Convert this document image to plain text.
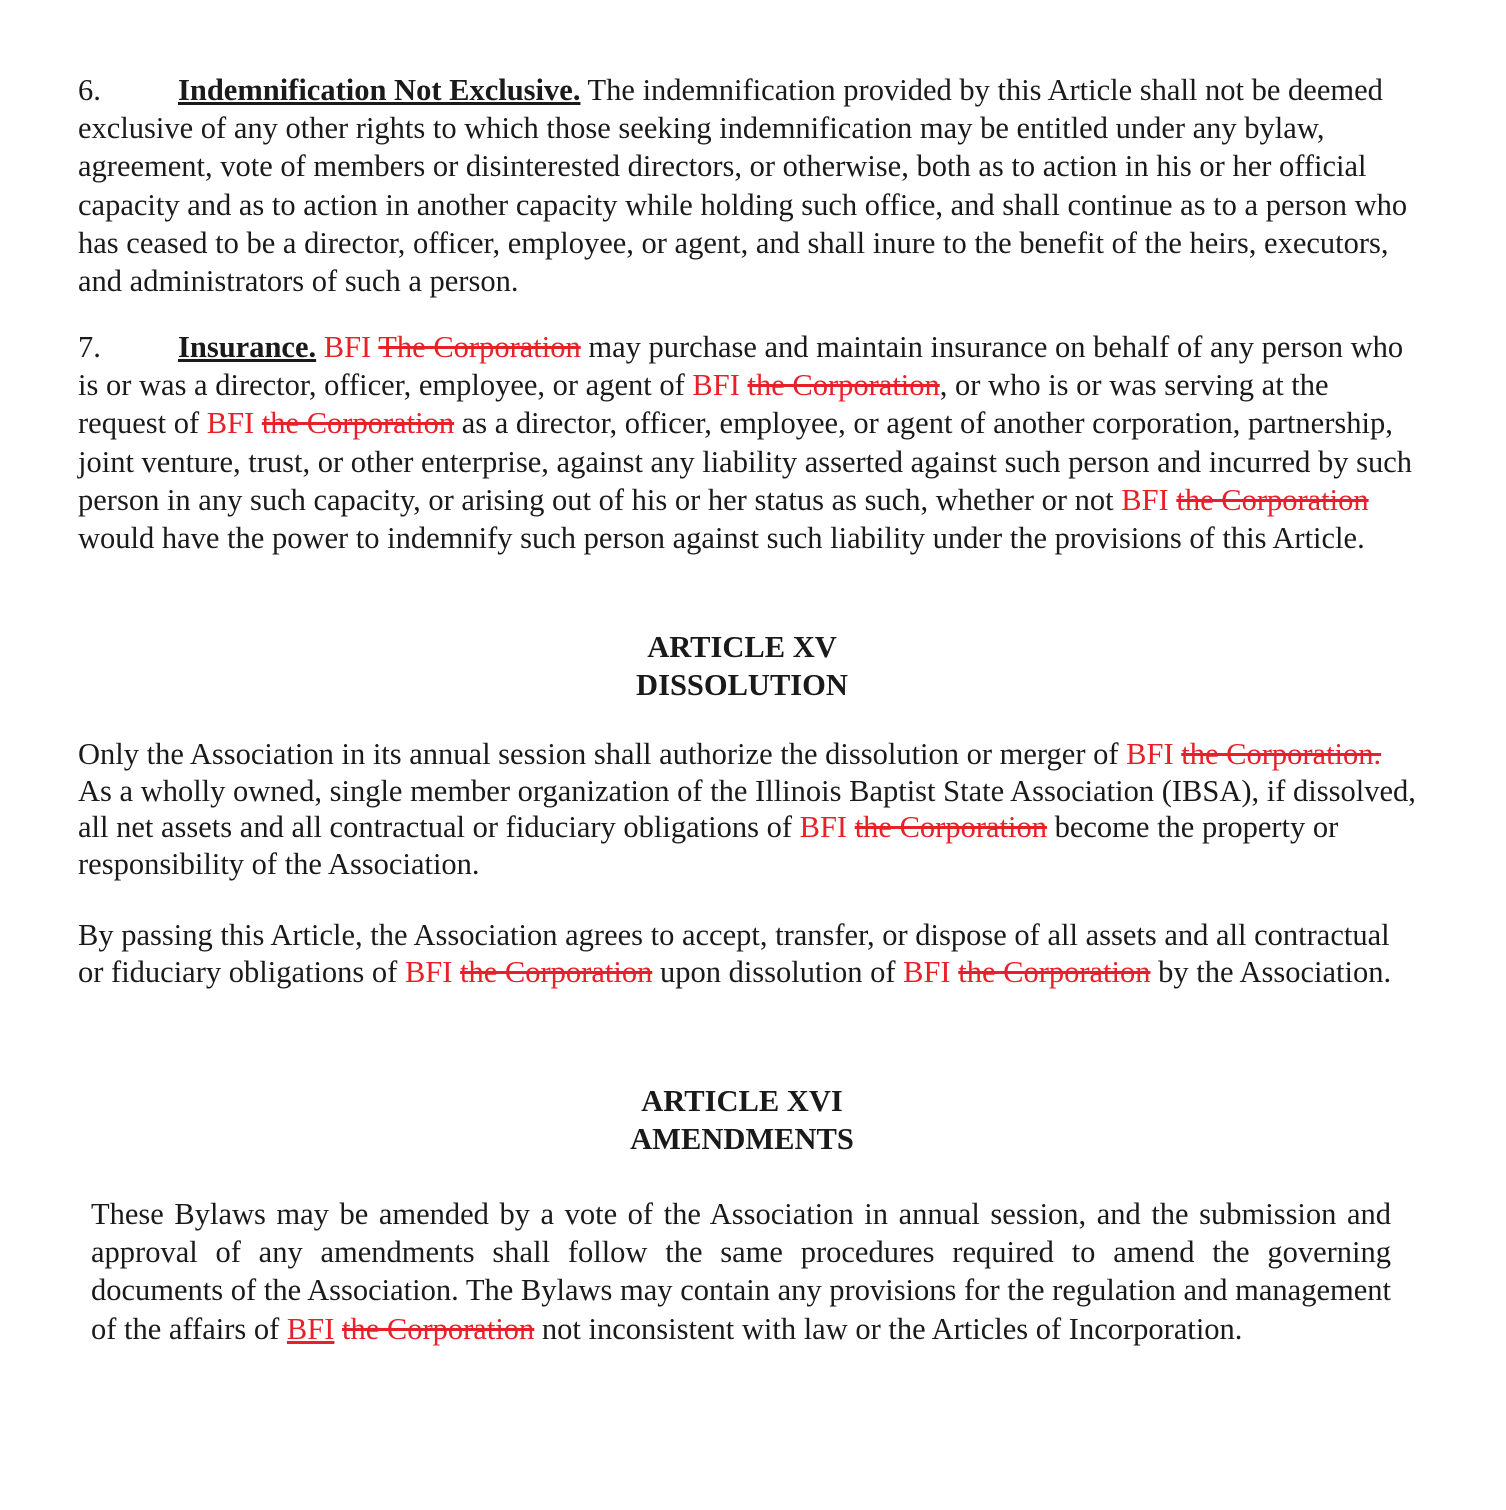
6.	Indemnification Not Exclusive. The indemnification provided by this Article shall not be deemed exclusive of any other rights to which those seeking indemnification may be entitled under any bylaw, agreement, vote of members or disinterested directors, or otherwise, both as to action in his or her official capacity and as to action in another capacity while holding such office, and shall continue as to a person who has ceased to be a director, officer, employee, or agent, and shall inure to the benefit of the heirs, executors, and administrators of such a person.

7.	Insurance. BFI The Corporation may purchase and maintain insurance on behalf of any person who is or was a director, officer, employee, or agent of BFI the Corporation, or who is or was serving at the request of BFI the Corporation as a director, officer, employee, or agent of another corporation, partnership, joint venture, trust, or other enterprise, against any liability asserted against such person and incurred by such person in any such capacity, or arising out of his or her status as such, whether or not BFI the Corporation would have the power to indemnify such person against such liability under the provisions of this Article.

ARTICLE XV
DISSOLUTION

Only the Association in its annual session shall authorize the dissolution or merger of BFI the Corporation. As a wholly owned, single member organization of the Illinois Baptist State Association (IBSA), if dissolved, all net assets and all contractual or fiduciary obligations of BFI the Corporation become the property or responsibility of the Association.

By passing this Article, the Association agrees to accept, transfer, or dispose of all assets and all contractual or fiduciary obligations of BFI the Corporation upon dissolution of BFI the Corporation by the Association.

ARTICLE XVI
AMENDMENTS

These Bylaws may be amended by a vote of the Association in annual session, and the submission and approval of any amendments shall follow the same procedures required to amend the governing documents of the Association. The Bylaws may contain any provisions for the regulation and management of the affairs of BFI the Corporation not inconsistent with law or the Articles of Incorporation.
